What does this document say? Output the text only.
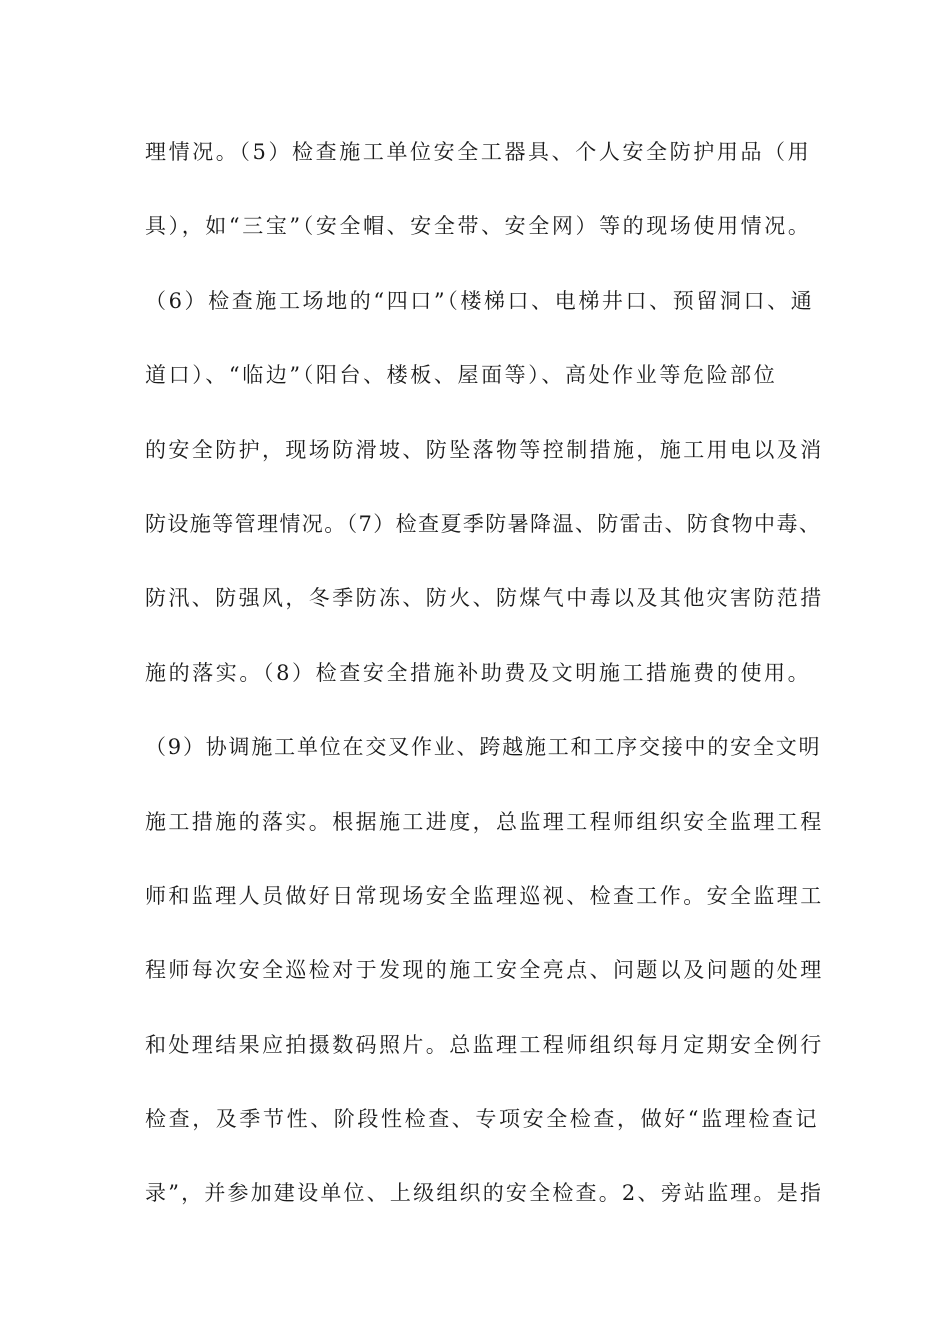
理情况。（5）检查施工单位安全工器具、个人安全防护用品（用
具），如“三宝”（安全帽、安全带、安全网）等的现场使用情况。
（6）检查施工场地的“四口”（楼梯口、电梯井口、预留洞口、通
道口）、“临边”（阳台、楼板、屋面等）、高处作业等危险部位
的安全防护，现场防滑坡、防坠落物等控制措施，施工用电以及消
防设施等管理情况。（7）检查夏季防暑降温、防雷击、防食物中毒、
防汛、防强风，冬季防冻、防火、防煤气中毒以及其他灾害防范措
施的落实。（8）检查安全措施补助费及文明施工措施费的使用。
（9）协调施工单位在交叉作业、跨越施工和工序交接中的安全文明
施工措施的落实。根据施工进度，总监理工程师组织安全监理工程
师和监理人员做好日常现场安全监理巡视、检查工作。安全监理工
程师每次安全巡检对于发现的施工安全亮点、问题以及问题的处理
和处理结果应拍摄数码照片。总监理工程师组织每月定期安全例行
检查，及季节性、阶段性检查、专项安全检查，做好“监理检查记
录”，并参加建设单位、上级组织的安全检查。2、旁站监理。是指
